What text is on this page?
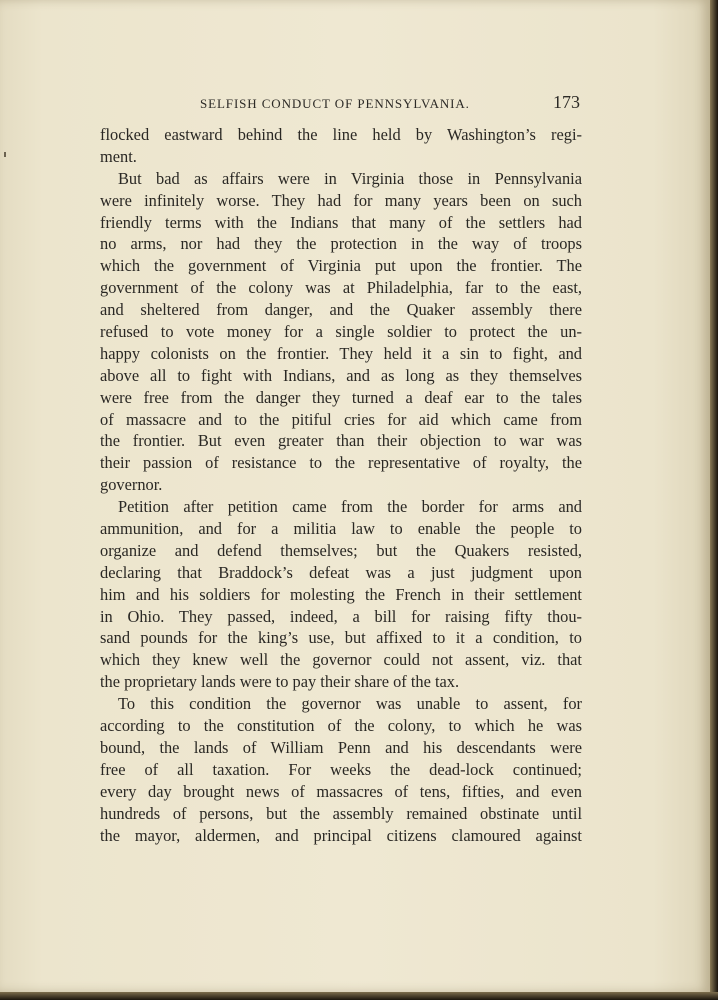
SELFISH CONDUCT OF PENNSYLVANIA.	173
flocked eastward behind the line held by Washington’s regi-
ment.
But bad as affairs were in Virginia those in Pennsylvania
were infinitely worse. They had for many years been on such
friendly terms with the Indians that many of the settlers had
no arms, nor had they the protection in the way of troops
which the government of Virginia put upon the frontier. The
government of the colony was at Philadelphia, far to the east,
and sheltered from danger, and the Quaker assembly there
refused to vote money for a single soldier to protect the un-
happy colonists on the frontier. They held it a sin to fight, and
above all to fight with Indians, and as long as they themselves
were free from the danger they turned a deaf ear to the tales
of massacre and to the pitiful cries for aid which came from
the frontier. But even greater than their objection to war was
their passion of resistance to the representative of royalty, the
governor.
Petition after petition came from the border for arms and
ammunition, and for a militia law to enable the people to
organize and defend themselves; but the Quakers resisted,
declaring that Braddock’s defeat was a just judgment upon
him and his soldiers for molesting the French in their settlement
in Ohio. They passed, indeed, a bill for raising fifty thou-
sand pounds for the king’s use, but affixed to it a condition, to
which they knew well the governor could not assent, viz. that
the proprietary lands were to pay their share of the tax.
To this condition the governor was unable to assent, for
according to the constitution of the colony, to which he was
bound, the lands of William Penn and his descendants were
free of all taxation. For weeks the dead-lock continued;
every day brought news of massacres of tens, fifties, and even
hundreds of persons, but the assembly remained obstinate until
the mayor, aldermen, and principal citizens clamoured against
